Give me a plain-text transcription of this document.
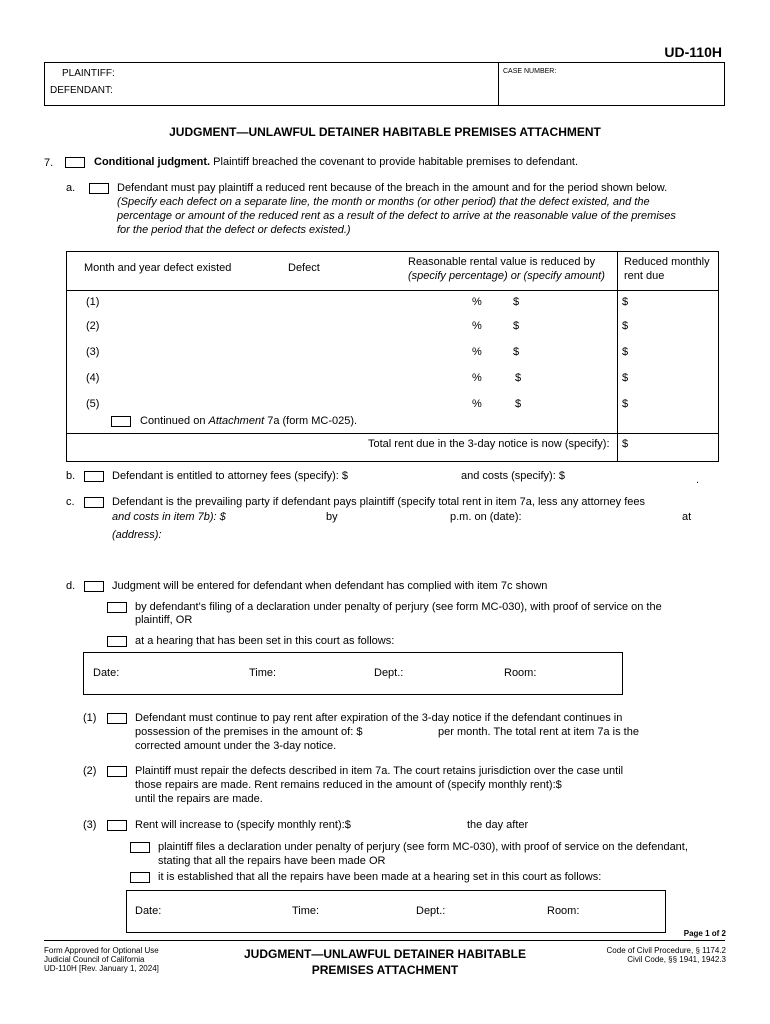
UD-110H
PLAINTIFF:
DEFENDANT:
CASE NUMBER:
JUDGMENT—UNLAWFUL DETAINER HABITABLE PREMISES ATTACHMENT
7.	Conditional judgment. Plaintiff breached the covenant to provide habitable premises to defendant.
a.	Defendant must pay plaintiff a reduced rent because of the breach in the amount and for the period shown below.
(Specify each defect on a separate line, the month or months (or other period) that the defect existed, and the
percentage or amount of the reduced rent as a result of the defect to arrive at the reasonable value of the premises
for the period that the defect or defects existed.)
Month and year defect existed	Defect	Reasonable rental value is reduced by
(specify percentage) or (specify amount)
Reduced monthly
rent due
(1)	%	$	$
(2)	%	$	$
(3)	%	$	$
(4)	%	$	$
(5)	%	$	$
Continued on Attachment 7a (form MC-025).
Total rent due in the 3-day notice is now (specify): $
b.	Defendant is entitled to attorney fees (specify): $	and costs (specify): $	.
c.	Defendant is the prevailing party if defendant pays plaintiff (specify total rent in item 7a, less any attorney fees
and costs in item 7b): $	by	p.m. on (date):	at
(address):
d.	Judgment will be entered for defendant when defendant has complied with item 7c shown
by defendant's filing of a declaration under penalty of perjury (see form MC-030), with proof of service on the
plaintiff, OR
at a hearing that has been set in this court as follows:
Date:	Time:	Dept.:	Room:
(1)	Defendant must continue to pay rent after expiration of the 3-day notice if the defendant continues in
possession of the premises in the amount of: $	per month. The total rent at item 7a is the
corrected amount under the 3-day notice.
(2)	Plaintiff must repair the defects described in item 7a. The court retains jurisdiction over the case until
those repairs are made. Rent remains reduced in the amount of (specify monthly rent):$
until the repairs are made.
(3)	Rent will increase to (specify monthly rent):$	the day after
plaintiff files a declaration under penalty of perjury (see form MC-030), with proof of service on the defendant,
stating that all the repairs have been made OR
it is established that all the repairs have been made at a hearing set in this court as follows:
Date:	Time:	Dept.:	Room:
Page 1 of 2
Form Approved for Optional Use
Judicial Council of California
UD-110H [Rev. January 1, 2024]
JUDGMENT—UNLAWFUL DETAINER HABITABLE
PREMISES ATTACHMENT
Code of Civil Procedure, § 1174.2
Civil Code, §§ 1941, 1942.3
